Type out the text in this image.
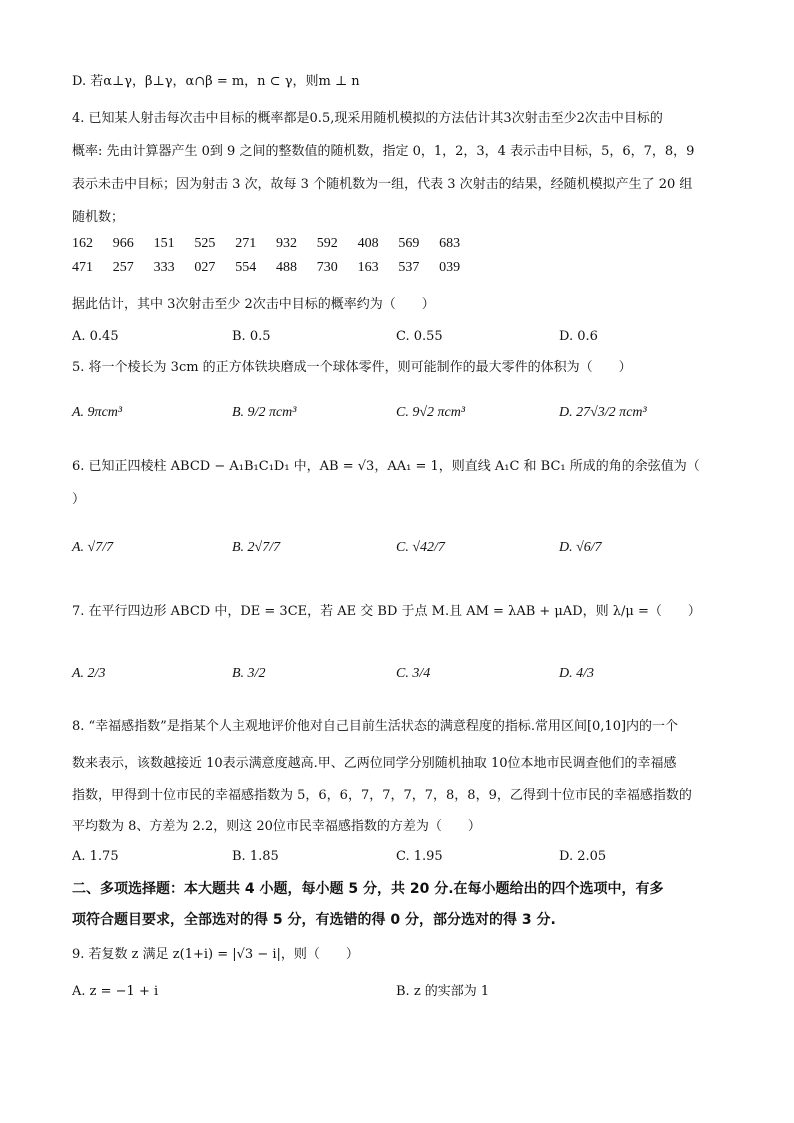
D. 若α⊥γ，β⊥γ，α∩β = m，n ⊂ γ，则m ⊥ n
4. 已知某人射击每次击中目标的概率都是0.5,现采用随机模拟的方法估计其3次射击至少2次击中目标的
概率: 先由计算器产生 0到 9 之间的整数值的随机数，指定 0，1，2，3，4 表示击中目标，5，6，7，8，9
表示未击中目标；因为射击 3 次，故每 3 个随机数为一组，代表 3 次射击的结果，经随机模拟产生了 20 组
随机数；
162 966 151 525 271 932 592 408 569 683
471 257 333 027 554 488 730 163 537 039
据此估计，其中 3次射击至少 2次击中目标的概率约为（　　）
A. 0.45	B. 0.5	C. 0.55	D. 0.6
5. 将一个棱长为 3cm 的正方体铁块磨成一个球体零件，则可能制作的最大零件的体积为（　　）
A. 9πcm³	B. 9/2 πcm³	C. 9√2 πcm³	D. 27√3/2 πcm³
6. 已知正四棱柱 ABCD − A₁B₁C₁D₁ 中，AB = √3，AA₁ = 1，则直线 A₁C 和 BC₁ 所成的角的余弦值为（
）
A. √7/7	B. 2√7/7	C. √42/7	D. √6/7
7. 在平行四边形 ABCD 中，DE = 3CE，若 AE 交 BD 于点 M.且 AM = λAB + μAD，则 λ/μ =（　　）
A. 2/3	B. 3/2	C. 3/4	D. 4/3
8. “幸福感指数”是指某个人主观地评价他对自己目前生活状态的满意程度的指标.常用区间[0,10]内的一个
数来表示，该数越接近 10表示满意度越高.甲、乙两位同学分别随机抽取 10位本地市民调查他们的幸福感
指数，甲得到十位市民的幸福感指数为 5，6，6，7，7，7，7，8，8，9，乙得到十位市民的幸福感指数的
平均数为 8、方差为 2.2，则这 20位市民幸福感指数的方差为（　　）
A. 1.75	B. 1.85	C. 1.95	D. 2.05
二、多项选择题：本大题共 4 小题，每小题 5 分，共 20 分.在每小题给出的四个选项中，有多
项符合题目要求，全部选对的得 5 分，有选错的得 0 分，部分选对的得 3 分.
9. 若复数 z 满足 z(1+i) = |√3 − i|，则（　　）
A. z = −1 + i	B. z 的实部为 1
